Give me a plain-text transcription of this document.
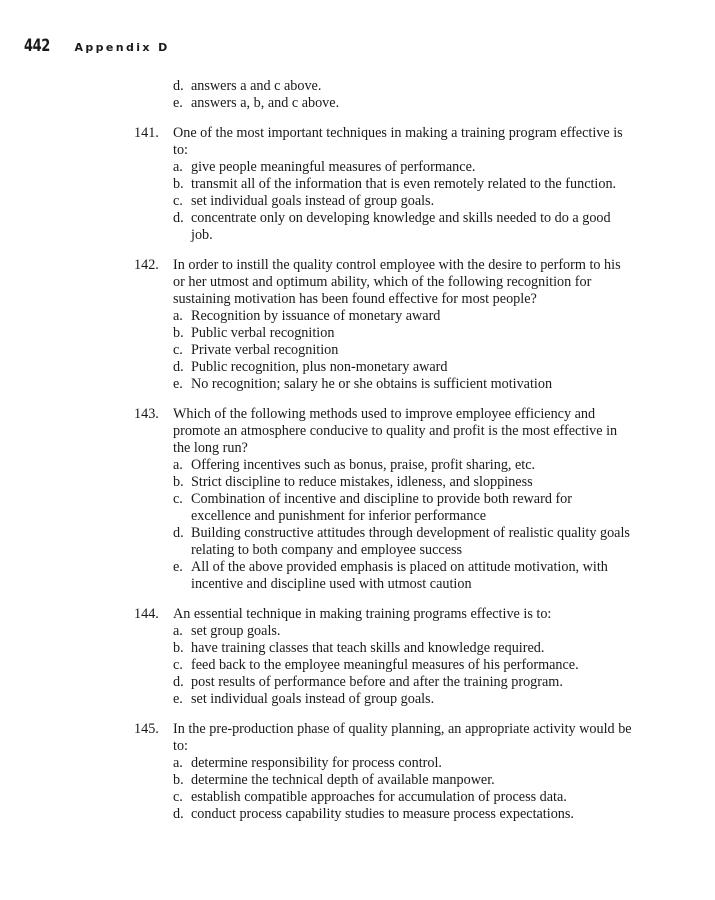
442 Appendix D
d. answers a and c above.
e. answers a, b, and c above.
141. One of the most important techniques in making a training program effective is to:
a. give people meaningful measures of performance.
b. transmit all of the information that is even remotely related to the function.
c. set individual goals instead of group goals.
d. concentrate only on developing knowledge and skills needed to do a good job.
142. In order to instill the quality control employee with the desire to perform to his or her utmost and optimum ability, which of the following recognition for sustaining motivation has been found effective for most people?
a. Recognition by issuance of monetary award
b. Public verbal recognition
c. Private verbal recognition
d. Public recognition, plus non-monetary award
e. No recognition; salary he or she obtains is sufficient motivation
143. Which of the following methods used to improve employee efficiency and promote an atmosphere conducive to quality and profit is the most effective in the long run?
a. Offering incentives such as bonus, praise, profit sharing, etc.
b. Strict discipline to reduce mistakes, idleness, and sloppiness
c. Combination of incentive and discipline to provide both reward for excellence and punishment for inferior performance
d. Building constructive attitudes through development of realistic quality goals relating to both company and employee success
e. All of the above provided emphasis is placed on attitude motivation, with incentive and discipline used with utmost caution
144. An essential technique in making training programs effective is to:
a. set group goals.
b. have training classes that teach skills and knowledge required.
c. feed back to the employee meaningful measures of his performance.
d. post results of performance before and after the training program.
e. set individual goals instead of group goals.
145. In the pre-production phase of quality planning, an appropriate activity would be to:
a. determine responsibility for process control.
b. determine the technical depth of available manpower.
c. establish compatible approaches for accumulation of process data.
d. conduct process capability studies to measure process expectations.
